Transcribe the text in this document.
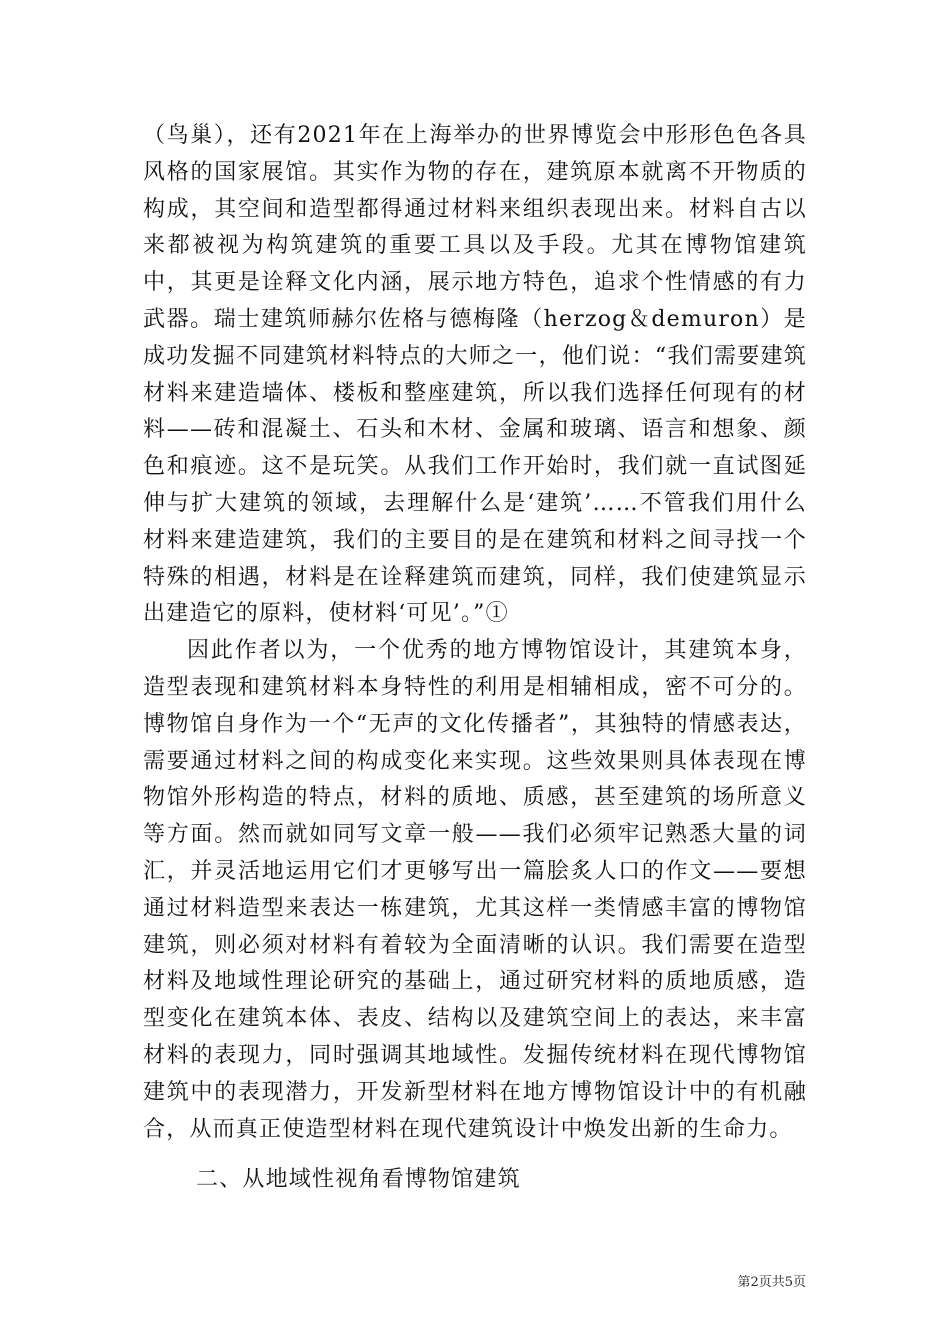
（鸟巢），还有2021年在上海举办的世界博览会中形形色色各具风格的国家展馆。其实作为物的存在，建筑原本就离不开物质的构成，其空间和造型都得通过材料来组织表现出来。材料自古以来都被视为构筑建筑的重要工具以及手段。尤其在博物馆建筑中，其更是诠释文化内涵，展示地方特色，追求个性情感的有力武器。瑞士建筑师赫尔佐格与德梅隆（herzog＆demuron）是成功发掘不同建筑材料特点的大师之一，他们说：“我们需要建筑材料来建造墙体、楼板和整座建筑，所以我们选择任何现有的材料——砖和混凝土、石头和木材、金属和玻璃、语言和想象、颜色和痕迹。这不是玩笑。从我们工作开始时，我们就一直试图延伸与扩大建筑的领域，去理解什么是‘建筑’……不管我们用什么材料来建造建筑，我们的主要目的是在建筑和材料之间寻找一个特殊的相遇，材料是在诠释建筑而建筑，同样，我们使建筑显示出建造它的原料，使材料‘可见’。”①

因此作者以为，一个优秀的地方博物馆设计，其建筑本身，造型表现和建筑材料本身特性的利用是相辅相成，密不可分的。博物馆自身作为一个“无声的文化传播者”，其独特的情感表达，需要通过材料之间的构成变化来实现。这些效果则具体表现在博物馆外形构造的特点，材料的质地、质感，甚至建筑的场所意义等方面。然而就如同写文章一般——我们必须牢记熟悉大量的词汇，并灵活地运用它们才更够写出一篇脍炙人口的作文——要想通过材料造型来表达一栋建筑，尤其这样一类情感丰富的博物馆建筑，则必须对材料有着较为全面清晰的认识。我们需要在造型材料及地域性理论研究的基础上，通过研究材料的质地质感，造型变化在建筑本体、表皮、结构以及建筑空间上的表达，来丰富材料的表现力，同时强调其地域性。发掘传统材料在现代博物馆建筑中的表现潜力，开发新型材料在地方博物馆设计中的有机融合，从而真正使造型材料在现代建筑设计中焕发出新的生命力。

二、从地域性视角看博物馆建筑
第2页共5页
